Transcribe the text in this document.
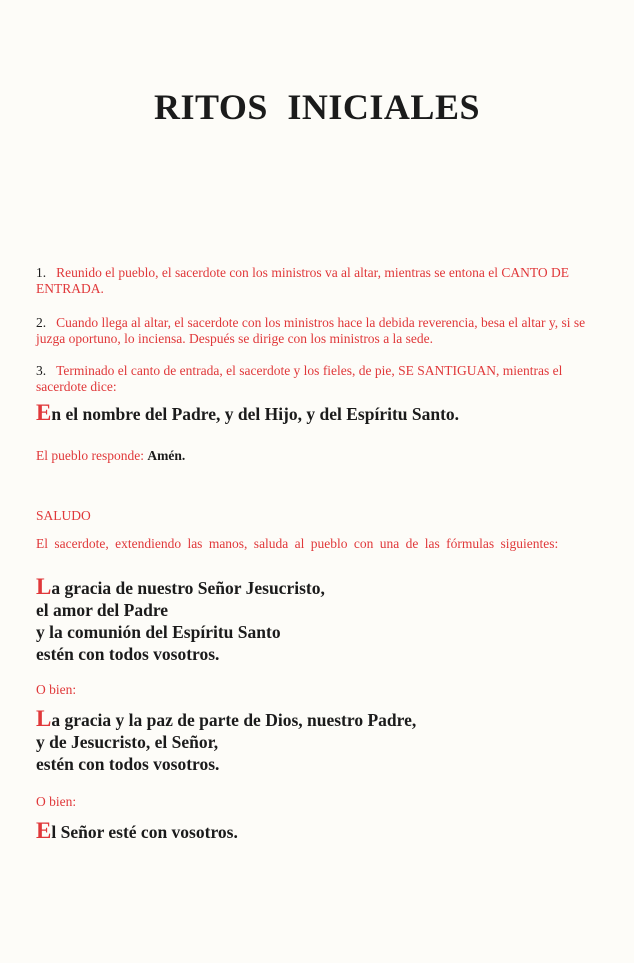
RITOS INICIALES
1. Reunido el pueblo, el sacerdote con los ministros va al altar, mientras se entona el CANTO DE ENTRADA.
2. Cuando llega al altar, el sacerdote con los ministros hace la debida reverencia, besa el altar y, si se juzga oportuno, lo inciensa. Después se dirige con los ministros a la sede.
3. Terminado el canto de entrada, el sacerdote y los fieles, de pie, SE SANTIGUAN, mientras el sacerdote dice:
En el nombre del Padre, y del Hijo, y del Espíritu Santo.
El pueblo responde: Amén.
SALUDO
El sacerdote, extendiendo las manos, saluda al pueblo con una de las fórmulas siguientes:
La gracia de nuestro Señor Jesucristo,
el amor del Padre
y la comunión del Espíritu Santo
estén con todos vosotros.
O bien:
La gracia y la paz de parte de Dios, nuestro Padre,
y de Jesucristo, el Señor,
estén con todos vosotros.
O bien:
El Señor esté con vosotros.
